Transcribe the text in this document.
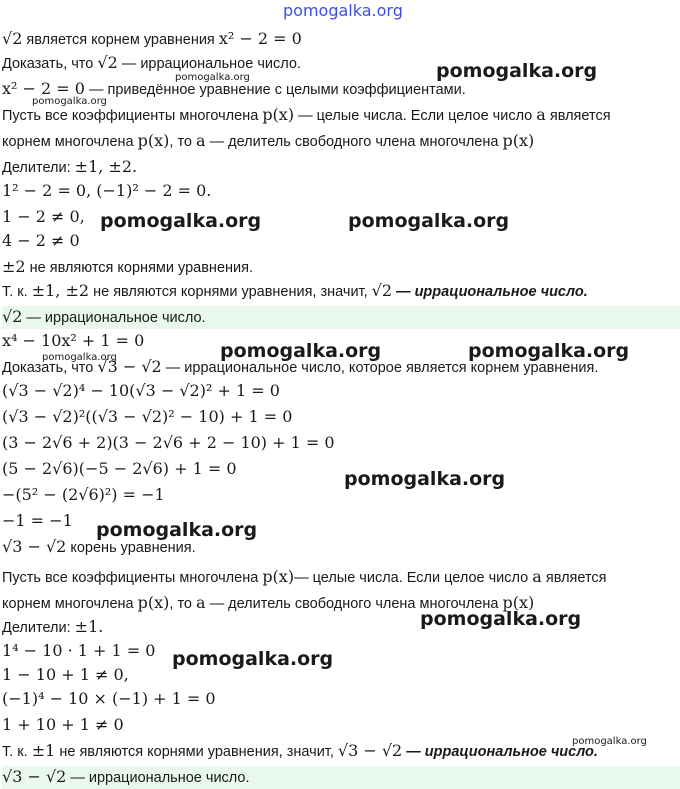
pomogalka.org
√2 является корнем уравнения x² − 2 = 0
Доказать, что √2 — иррациональное число.
x² − 2 = 0 — приведённое уравнение с целыми коэффициентами.
Пусть все коэффициенты многочлена p(x) — целые числа. Если целое число a является
корнем многочлена p(x), то a — делитель свободного члена многочлена p(x)
Делители: ±1, ±2.
1² − 2 = 0, (−1)² − 2 = 0.
1 − 2 ≠ 0,
4 − 2 ≠ 0
±2 не являются корнями уравнения.
Т. к. ±1, ±2 не являются корнями уравнения, значит, √2 — иррациональное число.
√2 — иррациональное число.
x⁴ − 10x² + 1 = 0
Доказать, что √3 − √2 — иррациональное число, которое является корнем уравнения.
(√3 − √2)⁴ − 10(√3 − √2)² + 1 = 0
(√3 − √2)²((√3 − √2)² − 10) + 1 = 0
(3 − 2√6 + 2)(3 − 2√6 + 2 − 10) + 1 = 0
(5 − 2√6)(−5 − 2√6) + 1 = 0
−(5² − (2√6)²) = −1
−1 = −1
√3 − √2 корень уравнения.
Пусть все коэффициенты многочлена p(x)— целые числа. Если целое число a является
корнем многочлена p(x), то a — делитель свободного члена многочлена p(x)
Делители: ±1.
1⁴ − 10 · 1 + 1 = 0
1 − 10 + 1 ≠ 0,
(−1)⁴ − 10 × (−1) + 1 = 0
1 + 10 + 1 ≠ 0
Т. к. ±1 не являются корнями уравнения, значит, √3 − √2 — иррациональное число.
√3 − √2 — иррациональное число.
pomogalka.org
pomogalka.org
pomogalka.org
pomogalka.org	pomogalka.org
pomogalka.org	pomogalka.org
pomogalka.org
pomogalka.org
pomogalka.org
pomogalka.org
pomogalka.org
pomogalka.org
